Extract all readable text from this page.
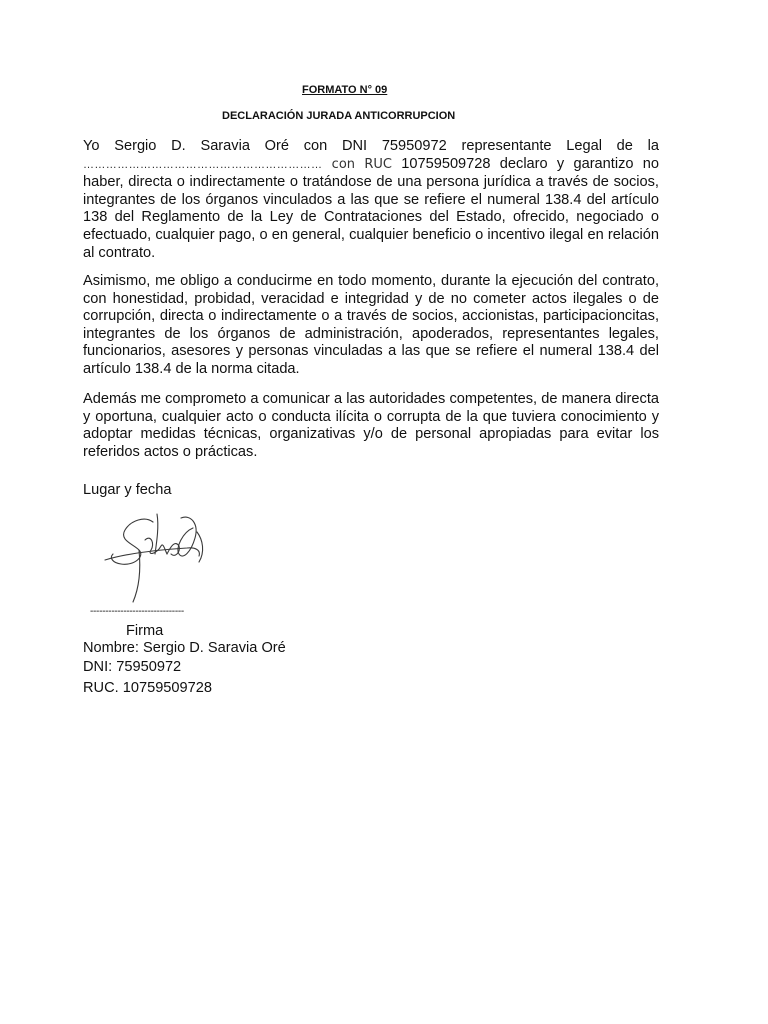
FORMATO N° 09
DECLARACIÓN JURADA ANTICORRUPCION

Yo Sergio D. Saravia Oré con DNI 75950972 representante Legal de la ……………………………………………………… con RUC 10759509728 declaro y garantizo no haber, directa o indirectamente o tratándose de una persona jurídica a través de socios, integrantes de los órganos vinculados a las que se refiere el numeral 138.4 del artículo 138 del Reglamento de la Ley de Contrataciones del Estado, ofrecido, negociado o efectuado, cualquier pago, o en general, cualquier beneficio o incentivo ilegal en relación al contrato.

Asimismo, me obligo a conducirme en todo momento, durante la ejecución del contrato, con honestidad, probidad, veracidad e integridad y de no cometer actos ilegales o de corrupción, directa o indirectamente o a través de socios, accionistas, participacioncitas, integrantes de los órganos de administración, apoderados, representantes legales, funcionarios, asesores y personas vinculadas a las que se refiere el numeral 138.4 del artículo 138.4 de la norma citada.

Además me comprometo a comunicar a las autoridades competentes, de manera directa y oportuna, cualquier acto o conducta ilícita o corrupta de la que tuviera conocimiento y adoptar medidas técnicas, organizativas y/o de personal apropiadas para evitar los referidos actos o prácticas.

Lugar y fecha

-------------------------------
Firma

Nombre: Sergio D. Saravia Oré

DNI: 75950972

RUC. 10759509728
